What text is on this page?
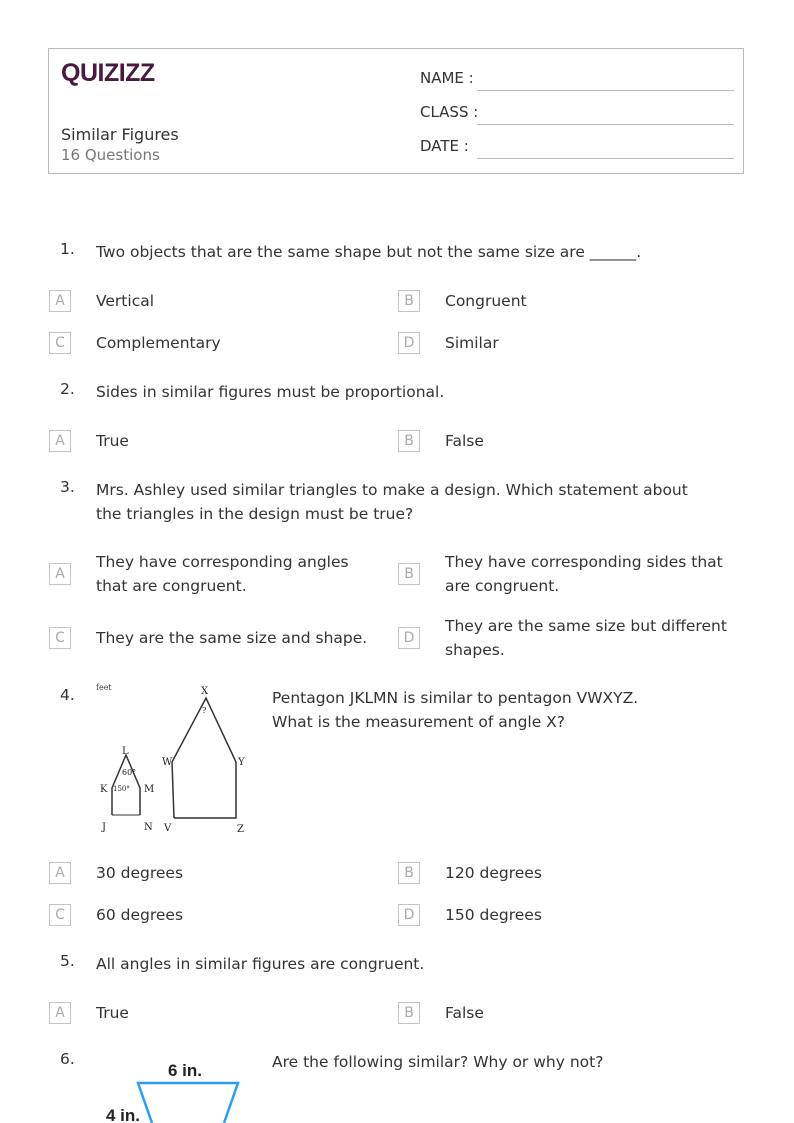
QUIZIZZ
Similar Figures
16 Questions
NAME :
CLASS :
DATE :
1. Two objects that are the same shape but not the same size are ______.
A	Vertical	B	Congruent
C	Complementary	D	Similar
2. Sides in similar figures must be proportional.
A	True	B	False
3. Mrs. Ashley used similar triangles to make a design. Which statement about the triangles in the design must be true?
A
They have corresponding angles that are congruent.
B
They have corresponding sides that are congruent.
C	They are the same size and shape.	D
They are the same size but different shapes.
4.	feet
L
60°
K 150° M
J	N
X
?
W	Y
V	Z
Pentagon JKLMN is similar to pentagon VWXYZ.
What is the measurement of angle X?
A	30 degrees	B	120 degrees
C	60 degrees	D	150 degrees
5. All angles in similar figures are congruent.
A	True	B	False
6.
6 in.
4 in.
Are the following similar? Why or why not?
